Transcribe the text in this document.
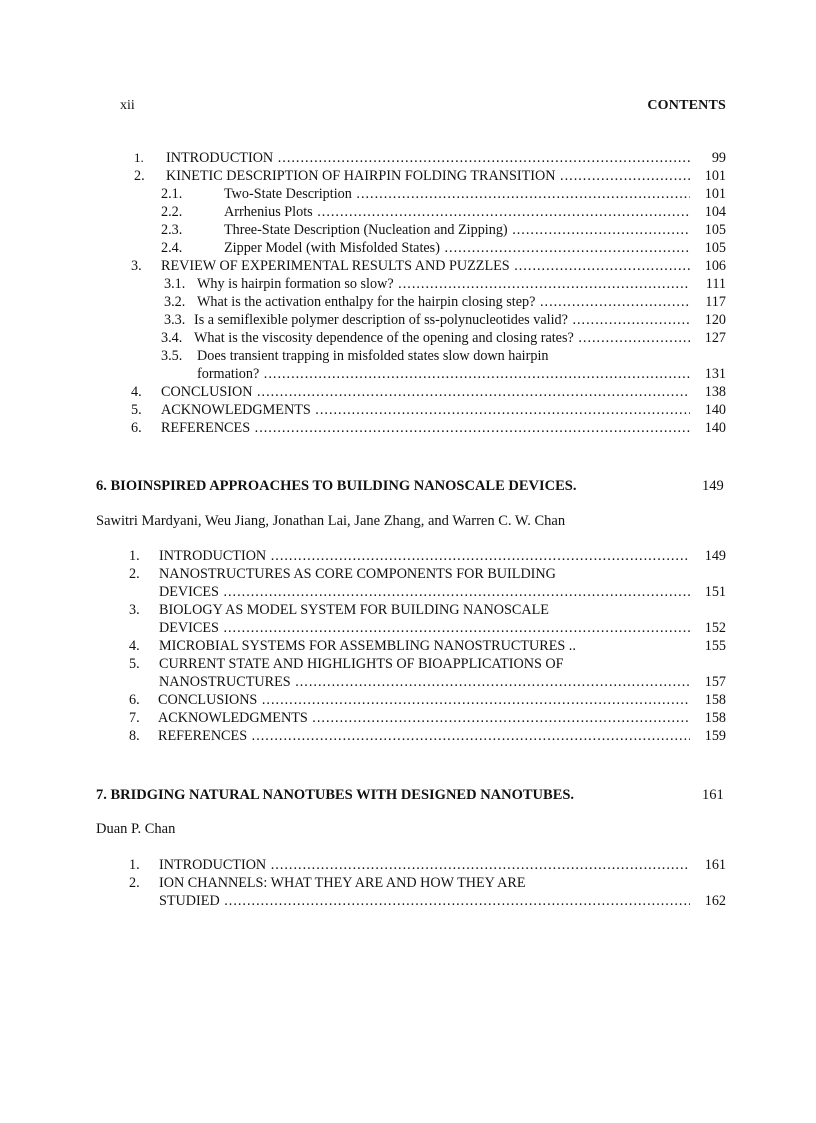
xii	CONTENTS
1. INTRODUCTION .....	99
2. KINETIC DESCRIPTION OF HAIRPIN FOLDING TRANSITION .....	101
2.1.	Two-State Description .....	101
2.2.	Arrhenius Plots .....	104
2.3.	Three-State Description (Nucleation and Zipping) .....	105
2.4.	Zipper Model (with Misfolded States) .....	105
3. REVIEW OF EXPERIMENTAL RESULTS AND PUZZLES .....	106
3.1. Why is hairpin formation so slow? .....	111
3.2. What is the activation enthalpy for the hairpin closing step? .....	117
3.3. Is a semiflexible polymer description of ss-polynucleotides valid? .....	120
3.4. What is the viscosity dependence of the opening and closing rates? .....	127
3.5. Does transient trapping in misfolded states slow down hairpin
formation? .....	131
4. CONCLUSION .....	138
5. ACKNOWLEDGMENTS .....	140
6. REFERENCES .....	140
6. BIOINSPIRED APPROACHES TO BUILDING NANOSCALE DEVICES.	149
Sawitri Mardyani, Weu Jiang, Jonathan Lai, Jane Zhang, and Warren C. W. Chan
1. INTRODUCTION .....	149
2. NANOSTRUCTURES AS CORE COMPONENTS FOR BUILDING
DEVICES .....	151
3. BIOLOGY AS MODEL SYSTEM FOR BUILDING NANOSCALE
DEVICES .....	152
4. MICROBIAL SYSTEMS FOR ASSEMBLING NANOSTRUCTURES ..	155
5. CURRENT STATE AND HIGHLIGHTS OF BIOAPPLICATIONS OF
NANOSTRUCTURES .....	157
6. CONCLUSIONS .....	158
7. ACKNOWLEDGMENTS .....	158
8. REFERENCES .....	159
7. BRIDGING NATURAL NANOTUBES WITH DESIGNED NANOTUBES.	161
Duan P. Chan
1. INTRODUCTION .....	161
2. ION CHANNELS: WHAT THEY ARE AND HOW THEY ARE
STUDIED .....	162
